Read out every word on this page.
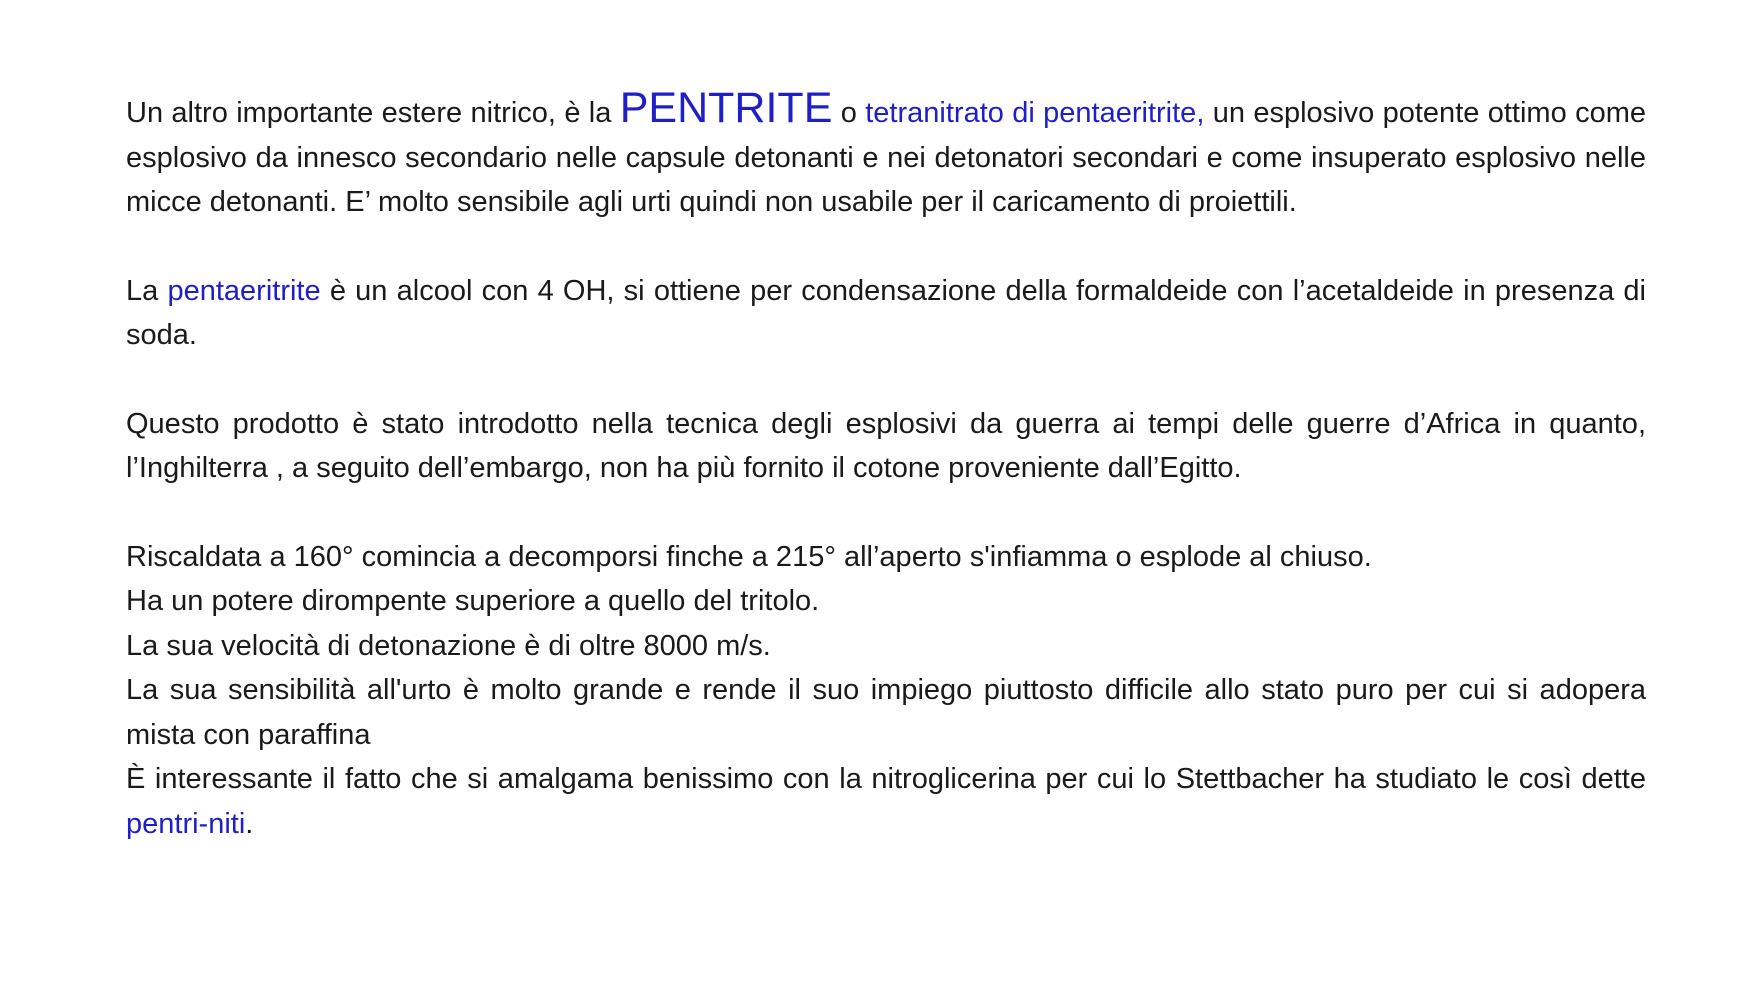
Un altro importante estere nitrico, è la PENTRITE o tetranitrato di pentaeritrite, un esplosivo potente ottimo come esplosivo da innesco secondario nelle capsule detonanti e nei detonatori secondari e come insuperato esplosivo nelle micce detonanti. E’ molto sensibile agli urti quindi non usabile per il caricamento di proiettili.

La pentaeritrite è un alcool con 4 OH, si ottiene per condensazione della formaldeide con l’acetaldeide in presenza di soda.

Questo prodotto è stato introdotto nella tecnica degli esplosivi da guerra ai tempi delle guerre d’Africa in quanto, l’Inghilterra , a seguito dell’embargo, non ha più fornito il cotone proveniente dall’Egitto.

Riscaldata a 160° comincia a decomporsi finche a 215° all’aperto s'infiamma o esplode al chiuso.

Ha un potere dirompente superiore a quello del tritolo.

La sua velocità di detonazione è di oltre 8000 m/s.

La sua sensibilità all'urto è molto grande e rende il suo impiego piuttosto difficile allo stato puro per cui si adopera mista con paraffina

È interessante il fatto che si amalgama benissimo con la nitroglicerina per cui lo Stettbacher ha studiato le così dette pentri-niti.
